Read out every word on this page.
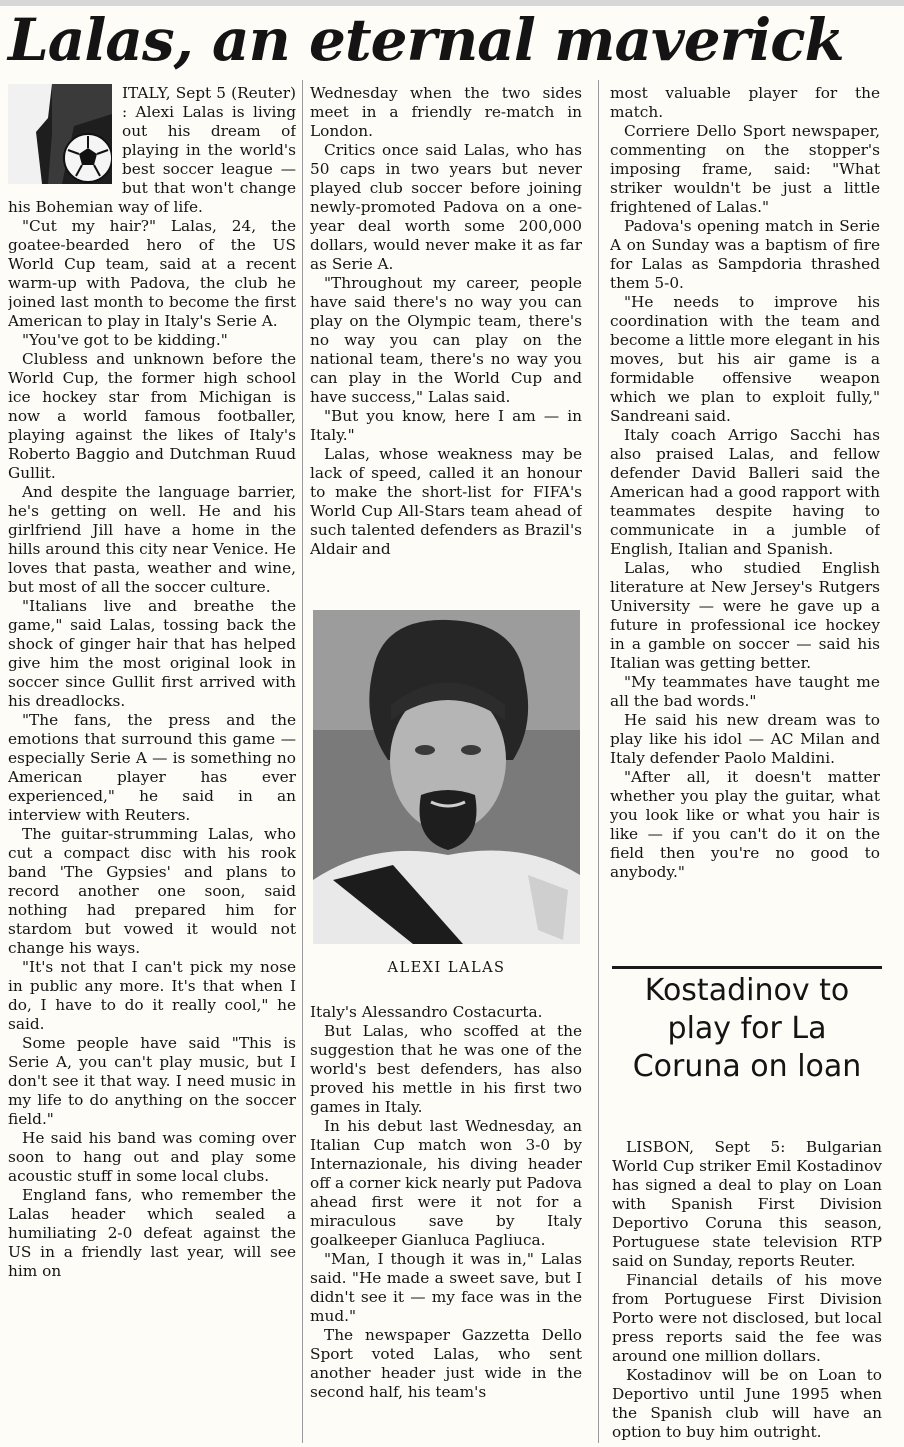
Lalas, an eternal maverick

ITALY, Sept 5 (Reuter) : Alexi Lalas is living out his dream of playing in the world's best soccer league — but that won't change his Bohemian way of life.

"Cut my hair?" Lalas, 24, the goatee-bearded hero of the US World Cup team, said at a recent warm-up with Padova, the club he joined last month to become the first American to play in Italy's Serie A.

"You've got to be kidding."

Clubless and unknown before the World Cup, the former high school ice hockey star from Michigan is now a world famous footballer, playing against the likes of Italy's Roberto Baggio and Dutchman Ruud Gullit.

And despite the language barrier, he's getting on well. He and his girlfriend Jill have a home in the hills around this city near Venice. He loves that pasta, weather and wine, but most of all the soccer culture.

"Italians live and breathe the game," said Lalas, tossing back the shock of ginger hair that has helped give him the most original look in soccer since Gullit first arrived with his dreadlocks.

"The fans, the press and the emotions that surround this game — especially Serie A — is something no American player has ever experienced," he said in an interview with Reuters.

The guitar-strumming Lalas, who cut a compact disc with his rook band 'The Gypsies' and plans to record another one soon, said nothing had prepared him for stardom but vowed it would not change his ways.

"It's not that I can't pick my nose in public any more. It's that when I do, I have to do it really cool," he said.

Some people have said "This is Serie A, you can't play music, but I don't see it that way. I need music in my life to do anything on the soccer field."

He said his band was coming over soon to hang out and play some acoustic stuff in some local clubs.

England fans, who remember the Lalas header which sealed a humiliating 2-0 defeat against the US in a friendly last year, will see him on

Wednesday when the two sides meet in a friendly re-match in London.

Critics once said Lalas, who has 50 caps in two years but never played club soccer before joining newly-promoted Padova on a one-year deal worth some 200,000 dollars, would never make it as far as Serie A.

"Throughout my career, people have said there's no way you can play on the Olympic team, there's no way you can play on the national team, there's no way you can play in the World Cup and have success," Lalas said.

"But you know, here I am — in Italy."

Lalas, whose weakness may be lack of speed, called it an honour to make the short-list for FIFA's World Cup All-Stars team ahead of such talented defenders as Brazil's Aldair and

ALEXI LALAS

Italy's Alessandro Costacurta.

But Lalas, who scoffed at the suggestion that he was one of the world's best defenders, has also proved his mettle in his first two games in Italy.

In his debut last Wednesday, an Italian Cup match won 3-0 by Internazionale, his diving header off a corner kick nearly put Padova ahead first were it not for a miraculous save by Italy goalkeeper Gianluca Pagliuca.

"Man, I though it was in," Lalas said. "He made a sweet save, but I didn't see it — my face was in the mud."

The newspaper Gazzetta Dello Sport voted Lalas, who sent another header just wide in the second half, his team's

most valuable player for the match.

Corriere Dello Sport newspaper, commenting on the stopper's imposing frame, said: "What striker wouldn't be just a little frightened of Lalas."

Padova's opening match in Serie A on Sunday was a baptism of fire for Lalas as Sampdoria thrashed them 5-0.

"He needs to improve his coordination with the team and become a little more elegant in his moves, but his air game is a formidable offensive weapon which we plan to exploit fully," Sandreani said.

Italy coach Arrigo Sacchi has also praised Lalas, and fellow defender David Balleri said the American had a good rapport with teammates despite having to communicate in a jumble of English, Italian and Spanish.

Lalas, who studied English literature at New Jersey's Rutgers University — were he gave up a future in professional ice hockey in a gamble on soccer — said his Italian was getting better.

"My teammates have taught me all the bad words."

He said his new dream was to play like his idol — AC Milan and Italy defender Paolo Maldini.

"After all, it doesn't matter whether you play the guitar, what you look like or what you hair is like — if you can't do it on the field then you're no good to anybody."

Kostadinov to play for La Coruna on loan

LISBON, Sept 5: Bulgarian World Cup striker Emil Kostadinov has signed a deal to play on Loan with Spanish First Division Deportivo Coruna this season, Portuguese state television RTP said on Sunday, reports Reuter.

Financial details of his move from Portuguese First Division Porto were not disclosed, but local press reports said the fee was around one million dollars.

Kostadinov will be on Loan to Deportivo until June 1995 when the Spanish club will have an option to buy him outright.
